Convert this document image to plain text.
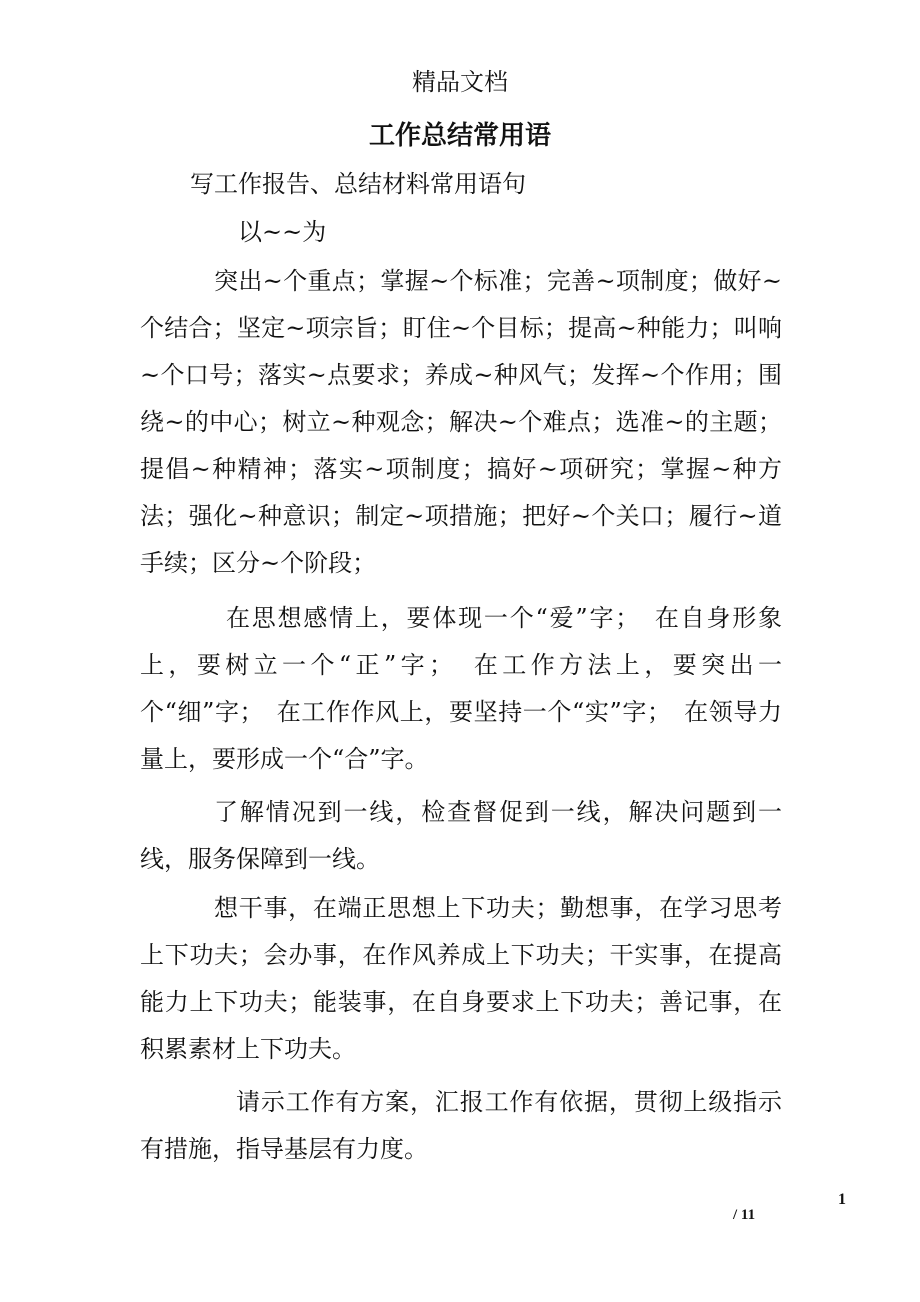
精品文档
工作总结常用语
写工作报告、总结材料常用语句
以~~为
突出~个重点；掌握~个标准；完善~项制度；做好~个结合；坚定~项宗旨；盯住~个目标；提高~种能力；叫响~个口号；落实~点要求；养成~种风气；发挥~个作用；围绕~的中心；树立~种观念；解决~个难点；选准~的主题；提倡~种精神；落实~项制度；搞好~项研究；掌握~种方法；强化~种意识；制定~项措施；把好~个关口；履行~道手续；区分~个阶段；
在思想感情上，要体现一个“爱”字；　在自身形象上，要树立一个“正”字；　在工作方法上，要突出一个“细”字；　在工作作风上，要坚持一个“实”字；　在领导力量上，要形成一个“合”字。
了解情况到一线，检查督促到一线，解决问题到一线，服务保障到一线。
想干事，在端正思想上下功夫；勤想事，在学习思考上下功夫；会办事，在作风养成上下功夫；干实事，在提高能力上下功夫；能装事，在自身要求上下功夫；善记事，在积累素材上下功夫。
请示工作有方案，汇报工作有依据，贯彻上级指示有措施，指导基层有力度。
1
/ 11
